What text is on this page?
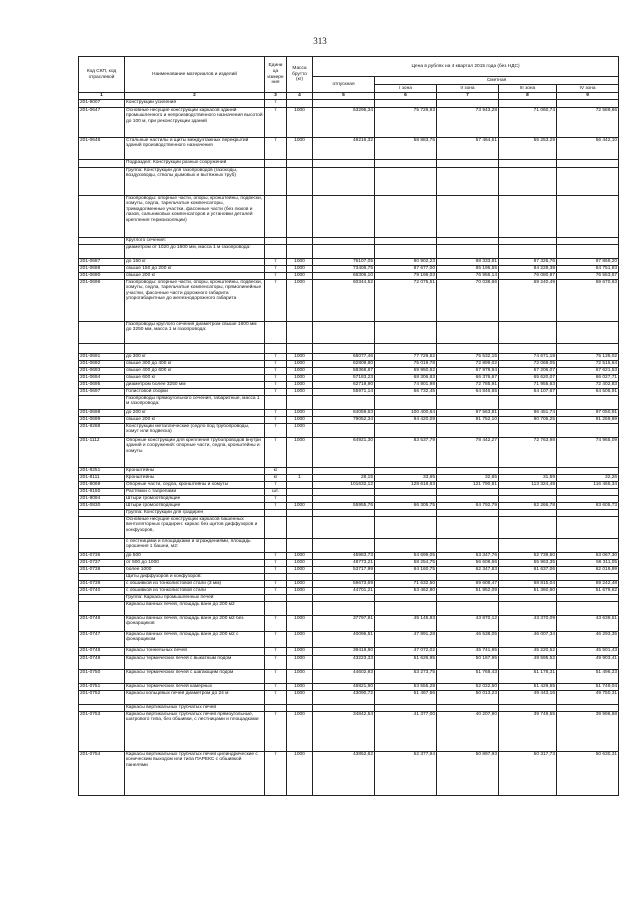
313
Код СКП, код отраслевой	Наименование материалов и изделий	Едини ца измере ния	Масса брутто (кг)	Цена в рублях на 4 квартал 2015 года (без НДС)				
				отпускная	Сметная			
					I зона	II зона	III зона	IV зона
1	2	3	4	5	6	7	8	9
201-9007	Конструкции усиления	т						
201-0647	Основные несущие конструкции каркасов зданий промышленного и непроизводственного назначения высотой до 100 м, при реконструкции зданий	т	1000	63296,34	75 729,93	73 943,28	71 060,74	72 589,66
201-0648	Стальные настилы и щиты междуэтажных перекрытий зданий производственного назначения	т	1000	49216,32	58 883,76	57 464,61	55 253,29	56 442,10
	Подраздел: Конструкции разных сооружений							
	Группа: Конструкции для газопроводов (газоходы, воздуховоды, стволы дымовых и вытяжных труб)							
	Газопроводы: опорные части, опоры, кронштейны, подвески, хомуты, седла, тарельчатые компенсаторы, тримадолменные участки, фасонные части (без люков и лазов, сальниковых компенсаторов и установки деталей крепления термоизоляции)							
	Круглого сечения:							
	диаметром от 1020 до 1600 мм, масса 1 м газопровода:							
201-0687	до 150 кг	т	1000	76107,05	90 902,23	88 333,81	87 326,76	87 869,20
201-0688	свыше 150 до 200 кг	т	1000	73406,75	87 677,00	85 196,55	84 228,38	84 751,83
201-0690	свыше 200 кг	т	1000	66306,10	79 196,03	76 956,14	76 080,97	76 553,57
201-0696	Газопроводы: опорные части, опоры, кронштейны, подвески, хомуты, седла, тарельчатые компенсаторы, прямолинейные участки, фасонные части дорожного габарита упорогабаритные до железнодорожного габарита	т	1000	60344,52	72 075,51	70 038,66	69 240,49	69 670,63
	Газопроводы круглого сечения диаметром свыше 1600 мм до 3250 мм, масса 1 м газопровода:							

201-0691	до 300 кг	т	1000	65077,46	77 729,52	75 532,15	74 671,18	75 135,02
201-0692	свыше 300 до 400 кг	т	1000	62809,80	75 019,78	72 899,02	72 068,05	72 515,64
201-0693	свыше 400 до 600 кг	т	1000	58368,87	69 950,62	67 978,94	67 206,07	67 621,53
201-0694	свыше 600 кг	т	1000	57183,23	68 306,83	66 376,67	65 620,07	66 027,71
201-0695	диаметром более 3250 мм	т	1000	62719,90	74 901,98	72 785,91	71 955,63	72 402,83
201-0697	Голистовой сборки	т	1000	55971,14	66 732,45	64 846,65	64 107,67	64 505,91
	Газопроводы прямоугольного сечения, габаритные, масса 1 м газопровода:							
201-0698	до 200 кг	т	1000	84059,63	100 400,64	97 563,81	96 451,74	97 050,91
201-0699	свыше 200 кг	т	1000	79052,34	94 420,09	91 752,10	90 706,25	91 269,69
201-9288	Конструкции металлические (седло под трубопроводы, хомут или подвеска)	т	1000					
201-1112	Опорные конструкции для крепления трубопроводов внутри зданий и сооружений: опорные части, седла, кронштейны и хомуты	т	1000	64921,30	83 537,79	78 442,27	72 763,98	74 965,09
201-9251	Кронштейны	кг						
201-8111	Кронштейны	кг	1	28,15	33,65	32,65	31,59	32,26
201-8069	Опорные части, седла, кронштейны и хомуты	т		101632,12	128 618,63	121 790,81	113 324,48	116 465,34
201-9150	Растяжки с талрепами	шт.						
201-9094	Штыри громоотводящие	т						
201-0830	Штыри громоотводящие	т	1000	55955,76	66 305,75	64 792,79	62 266,78	63 605,73
	Группа: Конструкции для градирен							
	Основные несущие конструкции каркасов башенных вентиляторных градирен: каркас без щитов диффузоров и конфузоров,							
	с лестницами и площадками и ограждениями, площадь орошения 1 башни, м2:							
201-0736	до 500	т	1000	45983,73	54 699,05	53 347,76	52 739,50	53 067,30
201-0737	от 500 до 1000	т	1000	48773,21	58 254,75	56 608,66	55 963,35	56 311,05
201-0738	более 1000	т	1000	53717,99	64 160,75	62 347,83	61 637,06	62 019,99
	Щиты диффузоров и конфузоров:							
201-0739	с обшивкой из тонколистовой стали (3 мм)	т	1000	59673,69	71 632,50	69 608,47	68 815,04	69 242,48
201-0740	с обшивкой из тонколистовой стали	т	1000	44701,21	53 462,80	51 952,09	51 360,60	51 679,62
	Группа: Каркасы промышленных печей							
	Каркасы ванных печей, площадь ванн до 200 м2							
201-0746	Каркасы ванных печей, площадь ванн до 200 м2 без фонарщиков	т	1000	37797,91	45 145,83	43 870,12	43 370,09	43 639,51
201-0747	Каркасы ванных печей, площадь ванн до 200 м2 с фонарщиком	т	1000	40096,51	47 891,28	46 538,05	46 007,34	46 293,35
201-0748	Каркасы тоннельных печей	т	1000	39418,80	47 072,02	45 741,95	45 220,52	45 501,43
201-0749	Каркасы термических печей с выкатным подом	т	1000	43223,33	51 626,95	50 167,95	49 595,52	49 903,41
201-0750	Каркасы термических печей с шагающим подом	т	1000	44602,93	53 273,75	51 768,43	51 178,31	51 496,23
201-0751	Каркасы термических печей камерных	т	1000	46821,90	53 555,28	52 022,50	51 429,55	51 749,04
201-0752	Каркасы кольцевых печей диаметром до 24 м	т	1000	43090,72	51 467,56	50 013,23	49 443,16	49 750,31
	Каркасы вертикальных трубчатых печей							
201-0753	Каркасы вертикальных трубчатых печей прямоугольные, шатрового типа, без обшивки, с лестницами и площадками	т	1000	34842,54	41 377,00	40 207,90	39 749,55	39 996,68
201-0754	Каркасы вертикальных трубчатых печей цилиндрические с коническим выходом или типа ПАРЕКС с обшивкой панелями	т	1000	43852,62	52 377,94	50 897,93	50 317,73	50 630,31
